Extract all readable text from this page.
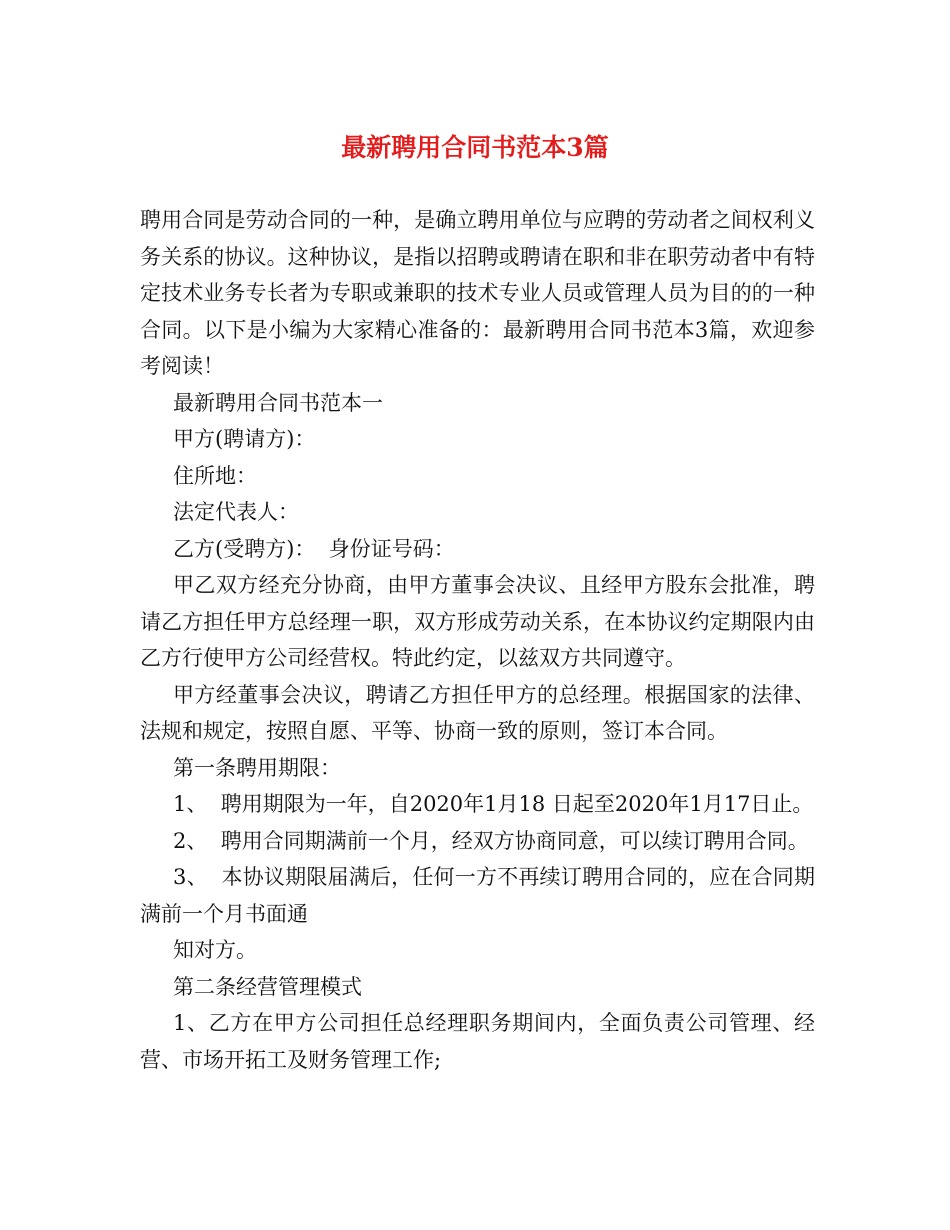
最新聘用合同书范本3篇

聘用合同是劳动合同的一种，是确立聘用单位与应聘的劳动者之间权利义务关系的协议。这种协议，是指以招聘或聘请在职和非在职劳动者中有特定技术业务专长者为专职或兼职的技术专业人员或管理人员为目的的一种合同。以下是小编为大家精心准备的：最新聘用合同书范本3篇，欢迎参考阅读！

最新聘用合同书范本一

甲方(聘请方)：

住所地：

法定代表人：

乙方(受聘方)：  身份证号码：

甲乙双方经充分协商，由甲方董事会决议、且经甲方股东会批准，聘请乙方担任甲方总经理一职，双方形成劳动关系，在本协议约定期限内由乙方行使甲方公司经营权。特此约定，以兹双方共同遵守。

甲方经董事会决议，聘请乙方担任甲方的总经理。根据国家的法律、法规和规定，按照自愿、平等、协商一致的原则，签订本合同。

第一条聘用期限：

1、  聘用期限为一年，自2020年1月18 日起至2020年1月17日止。

2、  聘用合同期满前一个月，经双方协商同意，可以续订聘用合同。

3、  本协议期限届满后，任何一方不再续订聘用合同的，应在合同期满前一个月书面通

知对方。

第二条经营管理模式

1、乙方在甲方公司担任总经理职务期间内，全面负责公司管理、经营、市场开拓工及财务管理工作;
